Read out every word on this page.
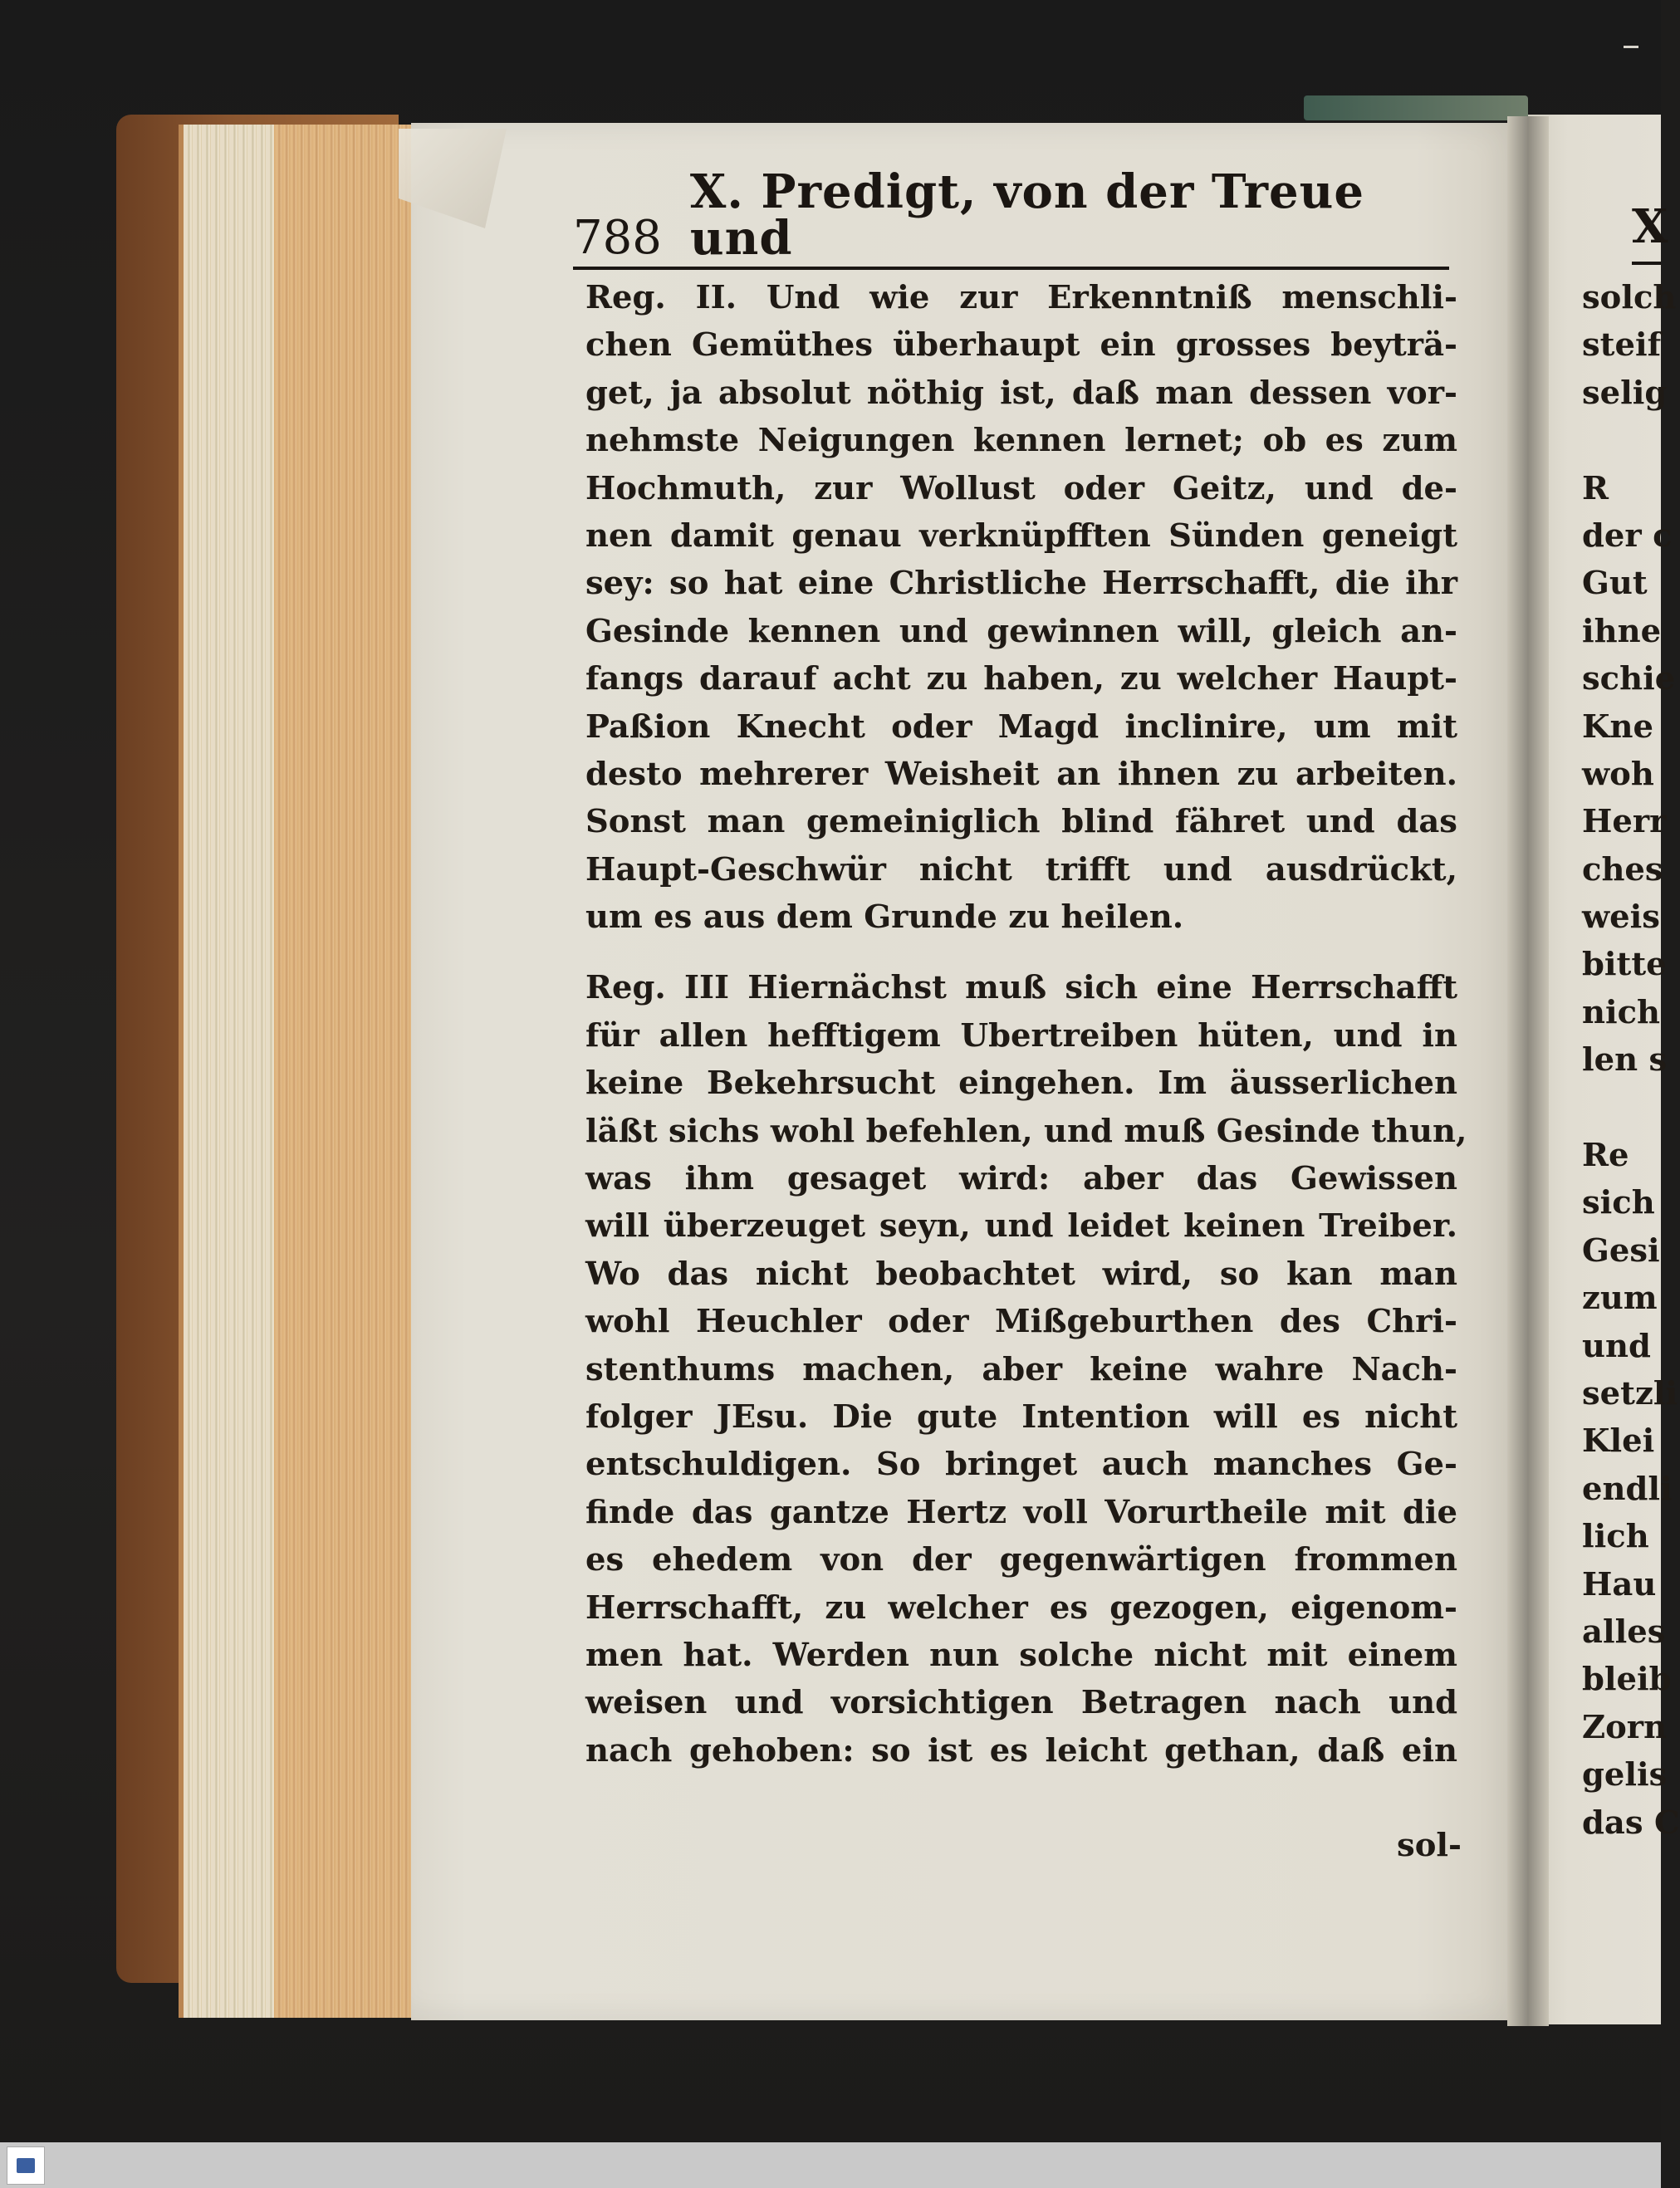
788
X. Predigt, von der Treue und
Reg. II. Und wie zur Erkenntniß menschli-
chen Gemüthes überhaupt ein grosses beyträ-
get, ja absolut nöthig ist, daß man dessen vor-
nehmste Neigungen kennen lernet; ob es zum
Hochmuth, zur Wollust oder Geitz, und de-
nen damit genau verknüpfften Sünden geneigt
sey: so hat eine Christliche Herrschafft, die ihr
Gesinde kennen und gewinnen will, gleich an-
fangs darauf acht zu haben, zu welcher Haupt-
Paßion Knecht oder Magd inclinire, um mit
desto mehrerer Weisheit an ihnen zu arbeiten.
Sonst man gemeiniglich blind fähret und das
Haupt-Geschwür nicht trifft und ausdrückt,
um es aus dem Grunde zu heilen.
Reg. III Hiernächst muß sich eine Herrschafft
für allen hefftigem Ubertreiben hüten, und in
keine Bekehrsucht eingehen. Im äusserlichen
läßt sichs wohl befehlen, und muß Gesinde thun,
was ihm gesaget wird: aber das Gewissen
will überzeuget seyn, und leidet keinen Treiber.
Wo das nicht beobachtet wird, so kan man
wohl Heuchler oder Mißgeburthen des Chri-
stenthums machen, aber keine wahre Nach-
folger JEsu. Die gute Intention will es nicht
entschuldigen. So bringet auch manches Ge-
finde das gantze Hertz voll Vorurtheile mit die
es ehedem von der gegenwärtigen frommen
Herrschafft, zu welcher es gezogen, eigenom-
men hat. Werden nun solche nicht mit einem
weisen und vorsichtigen Betragen nach und
nach gehoben: so ist es leicht gethan, daß ein
sol-
X
solch
steif
selig
R
der c
Gut
ihne
schie
Kne
woh
Herr
ches
weis
bitte
nich
len s
Re
sich
Gesi
zum
und
setzli
Klei
endli
lich
Hau
alles
bleib
Zorn
gelis
das C
